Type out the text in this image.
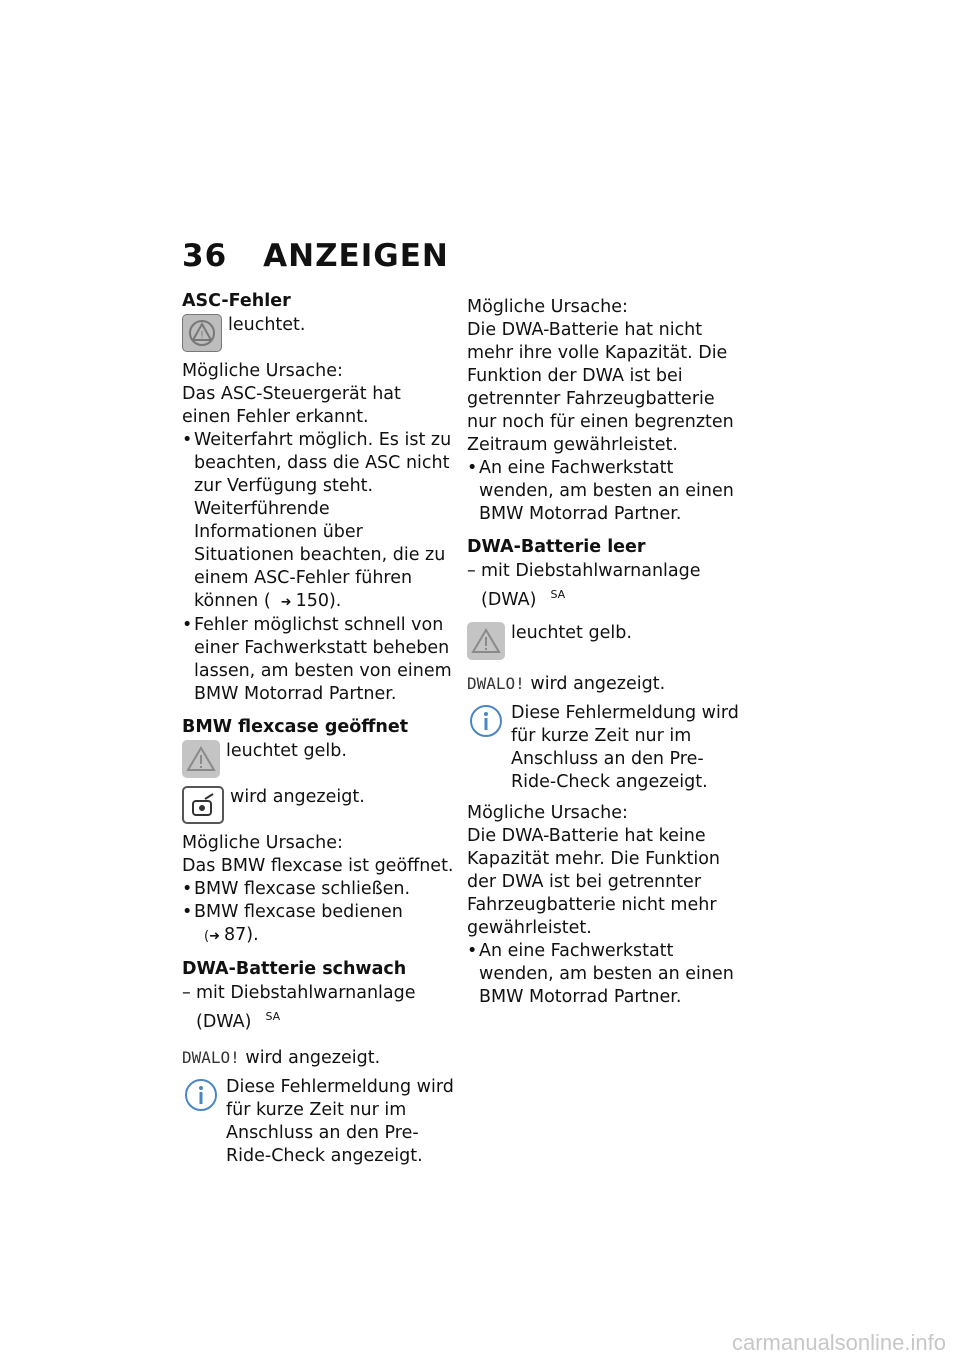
36 ANZEIGEN
ASC-Fehler
!
leuchtet.

Mögliche Ursache:

Das ASC-Steuergerät hat einen Fehler erkannt.

• Weiterfahrt möglich. Es ist zu beachten, dass die ASC nicht zur Verfügung steht. Weiterführende Informationen über Situationen beachten, die zu einem ASC-Fehler führen können ( ➜ 150).
• Fehler möglichst schnell von einer Fachwerkstatt beheben lassen, am besten von einem BMW Motorrad Partner.
BMW flexcase geöffnet
leuchtet gelb.
wird angezeigt.

Mögliche Ursache:

Das BMW flexcase ist geöffnet.

• BMW flexcase schließen.
• BMW flexcase bedienen
(➜ 87).
DWA-Batterie schwach
– mit Diebstahlwarnanlage (DWA) $^{SA}$
DWALO! wird angezeigt.
Diese Fehlermeldung wird für kurze Zeit nur im Anschluss an den Pre-Ride-Check angezeigt.

Mögliche Ursache:

Die DWA-Batterie hat nicht mehr ihre volle Kapazität. Die Funktion der DWA ist bei getrennter Fahrzeugbatterie nur noch für einen begrenzten Zeitraum gewährleistet.

• An eine Fachwerkstatt wenden, am besten an einen BMW Motorrad Partner.
DWA-Batterie leer
– mit Diebstahlwarnanlage (DWA) $^{SA}$
leuchtet gelb.
DWALO! wird angezeigt.
Diese Fehlermeldung wird für kurze Zeit nur im Anschluss an den Pre-Ride-Check angezeigt.

Mögliche Ursache:

Die DWA-Batterie hat keine Kapazität mehr. Die Funktion der DWA ist bei getrennter Fahrzeugbatterie nicht mehr gewährleistet.

• An eine Fachwerkstatt wenden, am besten an einen BMW Motorrad Partner.
carmanualsonline.info
